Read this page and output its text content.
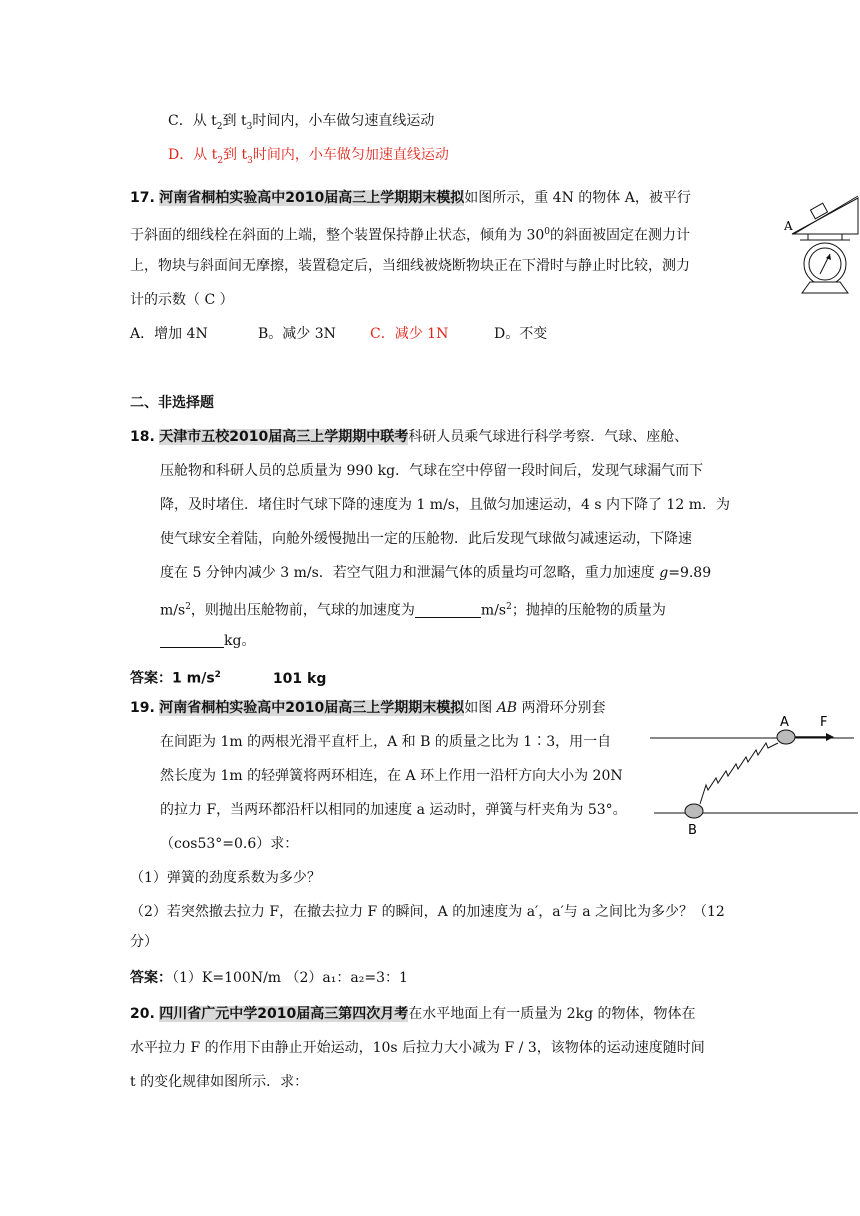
C．从 $t_2$到 $t_3$时间内，小车做匀速直线运动
D．从 $t_2$到 $t_3$时间内，小车做匀加速直线运动
17. 河南省桐柏实验高中2010届高三上学期期末模拟如图所示，重 4N 的物体 A，被平行
于斜面的细线栓在斜面的上端，整个装置保持静止状态，倾角为 $30^0$的斜面被固定在测力计
上，物块与斜面间无摩擦，装置稳定后，当细线被烧断物块正在下滑时与静止时比较，测力
计的示数（ C ）
A．增加 4N	B。减少 3N C．减少 1N	D。不变
A
二、非选择题
18. 天津市五校2010届高三上学期期中联考科研人员乘气球进行科学考察．气球、座舱、
压舱物和科研人员的总质量为 990 kg．气球在空中停留一段时间后，发现气球漏气而下
降，及时堵住．堵住时气球下降的速度为 1 m/s，且做匀加速运动，4 s 内下降了 12 m．为
使气球安全着陆，向舱外缓慢抛出一定的压舱物．此后发现气球做匀减速运动，下降速
度在 5 分钟内减少 3 m/s．若空气阻力和泄漏气体的质量均可忽略，重力加速度 g=9.89
$m/s^2$，则抛出压舱物前，气球的加速度为	$m/s^2$；抛掉的压舱物的质量为
kg。
答案：1 $m/s^2$	101 kg
19. 河南省桐柏实验高中2010届高三上学期期末模拟如图 AB 两滑环分别套
在间距为 1m 的两根光滑平直杆上，A 和 B 的质量之比为 1∶3，用一自
然长度为 1m 的轻弹簧将两环相连，在 A 环上作用一沿杆方向大小为 20N
的拉力 F，当两环都沿杆以相同的加速度 a 运动时，弹簧与杆夹角为 53°。
（cos53°=0.6）求：
（1）弹簧的劲度系数为多少？
（2）若突然撤去拉力 F，在撤去拉力 F 的瞬间，A 的加速度为 a′，a′与 a 之间比为多少？（12
分）
答案：（1）K=100N/m （2）a₁：a₂=3：1
A F
B
20. 四川省广元中学2010届高三第四次月考在水平地面上有一质量为 2kg 的物体，物体在
水平拉力 F 的作用下由静止开始运动，10s 后拉力大小减为 F / 3，该物体的运动速度随时间
t 的变化规律如图所示．求：
